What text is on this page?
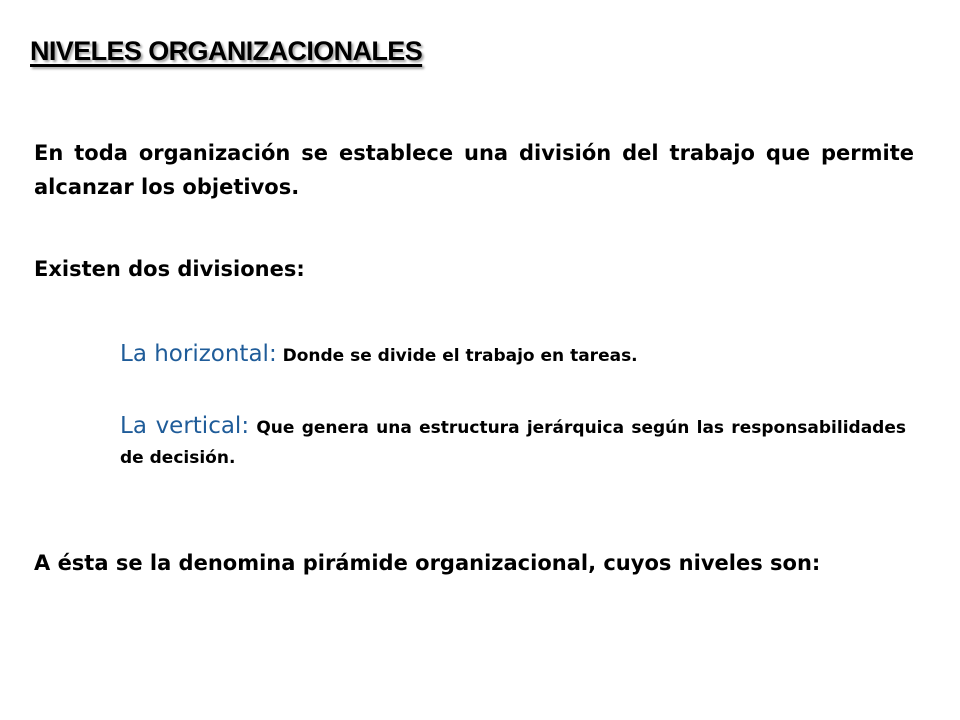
NIVELES ORGANIZACIONALES

En toda organización se establece una división del trabajo que permite alcanzar los objetivos.

Existen dos divisiones:

La horizontal: Donde se divide el trabajo en tareas.

La vertical: Que genera una estructura jerárquica según las responsabilidades de decisión.

A ésta se la denomina pirámide organizacional, cuyos niveles son:
